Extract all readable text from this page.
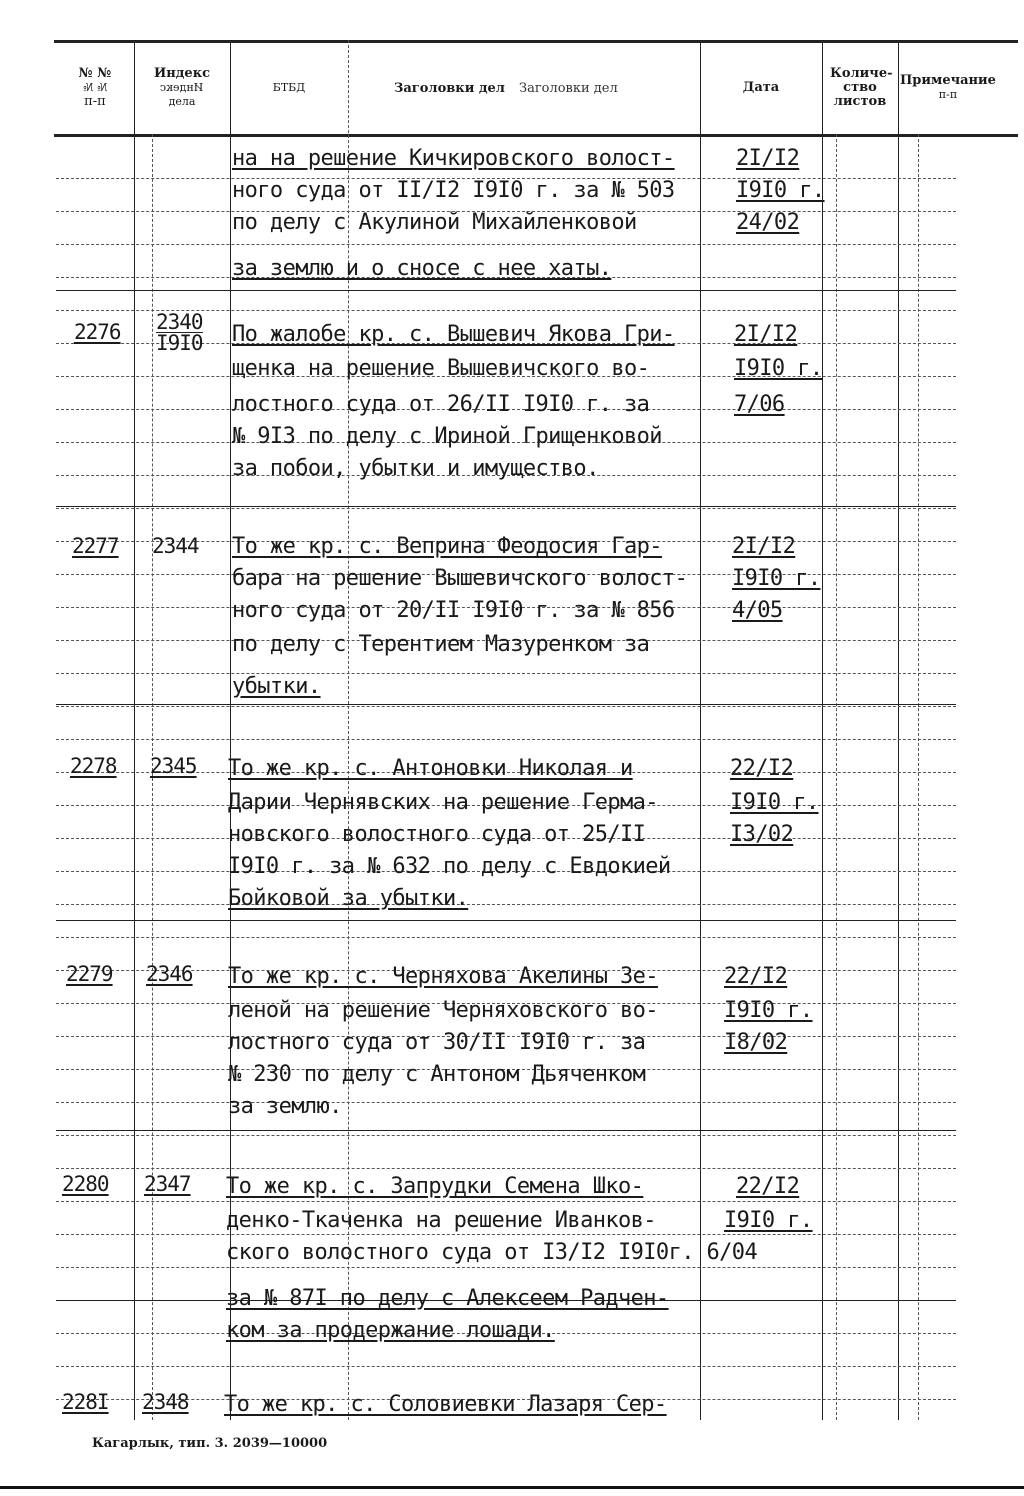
№ №
№ №
п-п
Индекс
Индекс
дела
БТБД	Заголовки дел Заголовки дел	Дата
Количе- ство листов
Примечание
п-п
на на решение Кичкировского волост-
ного суда от II/I2 I9I0 г. за № 503
по делу с Акулиной Михайленковой
за землю и о сносе с нее хаты.
2I/I2
I9I0 г.
24/02
$2276 \frac{2340}{I9I0}$ По жалобе кр. с. Вышевич Якова Гри-
щенка на решение Вышевичского во-
лостного суда от 26/II I9I0 г. за
№ 9I3 по делу с Ириной Грищенковой
за побои, убытки и имущество.
2I/I2
I9I0 г.
7/06
2277 2344 То же кр. с. Веприна Феодосия Гар-
бара на решение Вышевичского волост-
ного суда от 20/II I9I0 г. за № 856
по делу с Терентием Мазуренком за
убытки.
2I/I2
I9I0 г.
4/05
2278 2345 То же кр. с. Антоновки Николая и
Дарии Чернявских на решение Герма-
новского волостного суда от 25/II
I9I0 г. за № 632 по делу с Евдокией
Бойковой за убытки.
22/I2
I9I0 г.
I3/02
2279 2346 То же кр. с. Черняхова Акелины Зе-
леной на решение Черняховского во-
лостного суда от 30/II I9I0 г. за
№ 230 по делу с Антоном Дьяченком
за землю.
22/I2
I9I0 г.
I8/02
2280 2347 То же кр. с. Запрудки Семена Шко-
денко-Ткаченка на решение Иванков-
ского волостного суда от I3/I2 I9I0г. 6/04
за № 87I по делу с Алексеем Радчен-
ком за продержание лошади.
22/I2
I9I0 г.
228I 2348 То же кр. с. Соловиевки Лазаря Сер-
Кагарлык, тип. 3. 2039—10000
